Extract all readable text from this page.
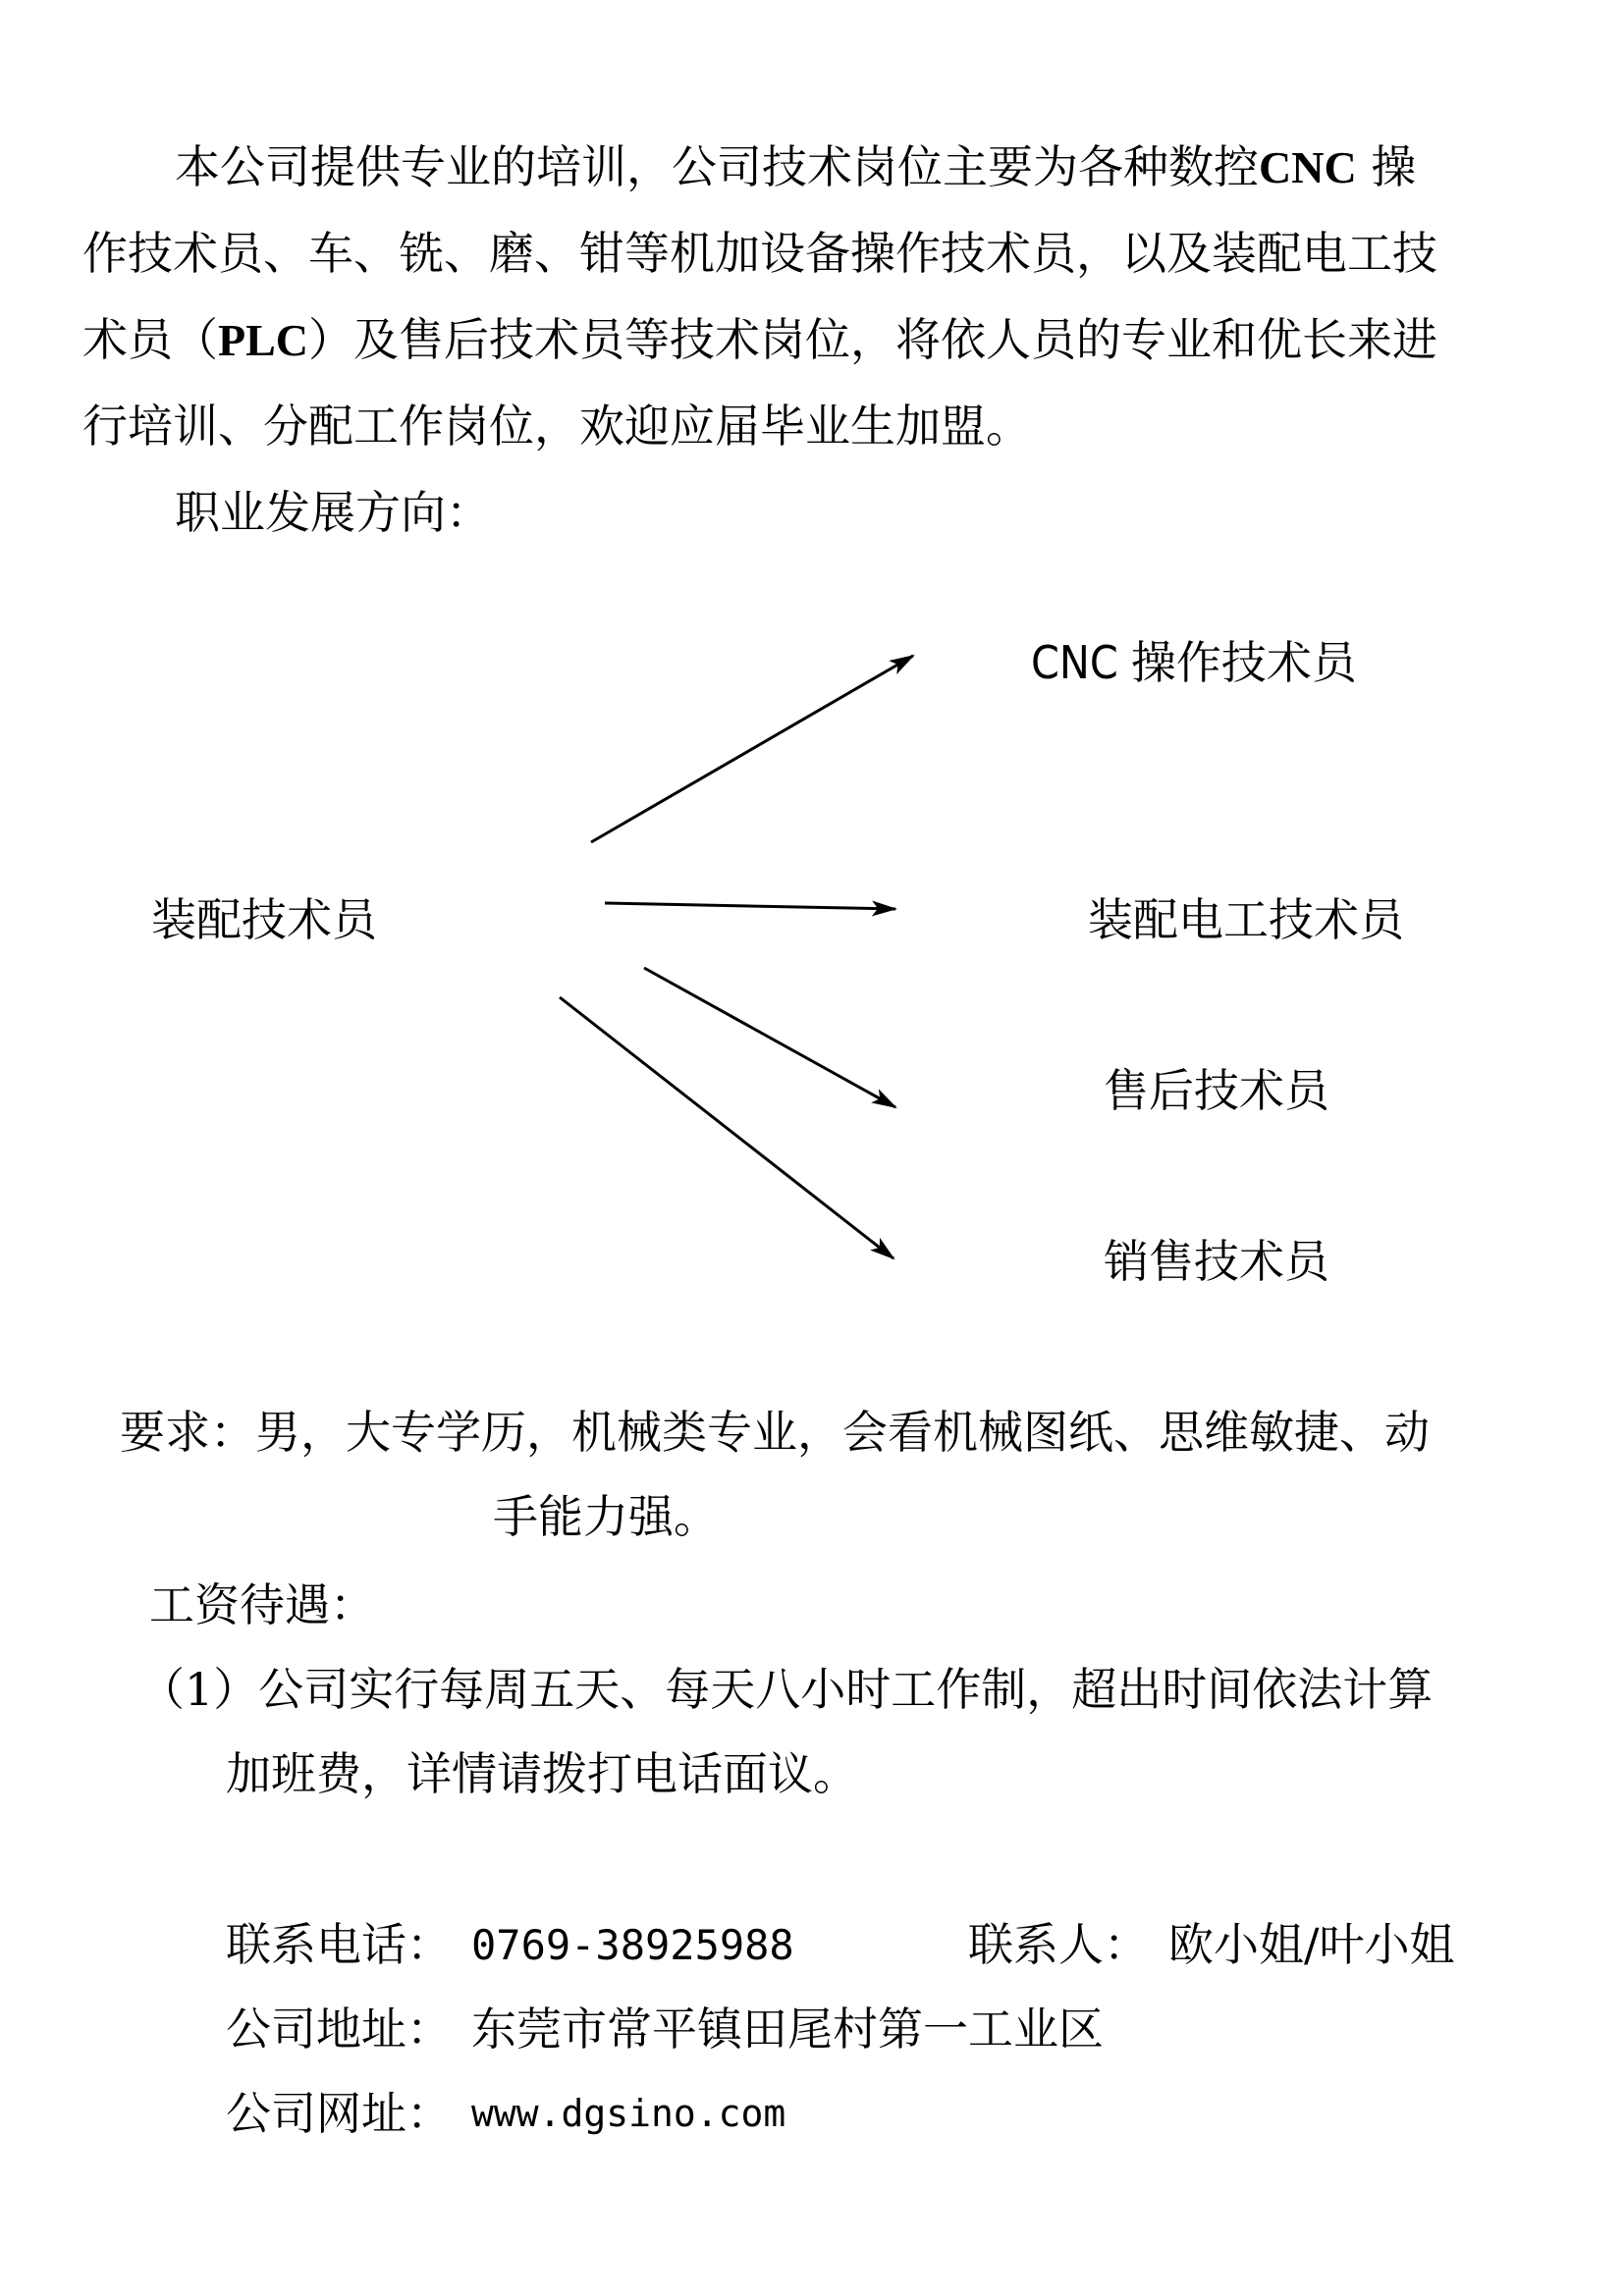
本公司提供专业的培训，公司技术岗位主要为各种数控CNC 操
作技术员、车、铣、磨、钳等机加设备操作技术员，以及装配电工技
术员（PLC）及售后技术员等技术岗位，将依人员的专业和优长来进
行培训、分配工作岗位，欢迎应届毕业生加盟。
职业发展方向：
装配技术员
CNC 操作技术员
装配电工技术员
售后技术员
销售技术员
要求：男，大专学历，机械类专业，会看机械图纸、思维敏捷、动
手能力强。
工资待遇：
（1）公司实行每周五天、每天八小时工作制，超出时间依法计算
加班费，详情请拨打电话面议。
联系电话： 0769-38925988	联系人： 欧小姐/叶小姐
公司地址： 东莞市常平镇田尾村第一工业区
公司网址： www.dgsino.com
